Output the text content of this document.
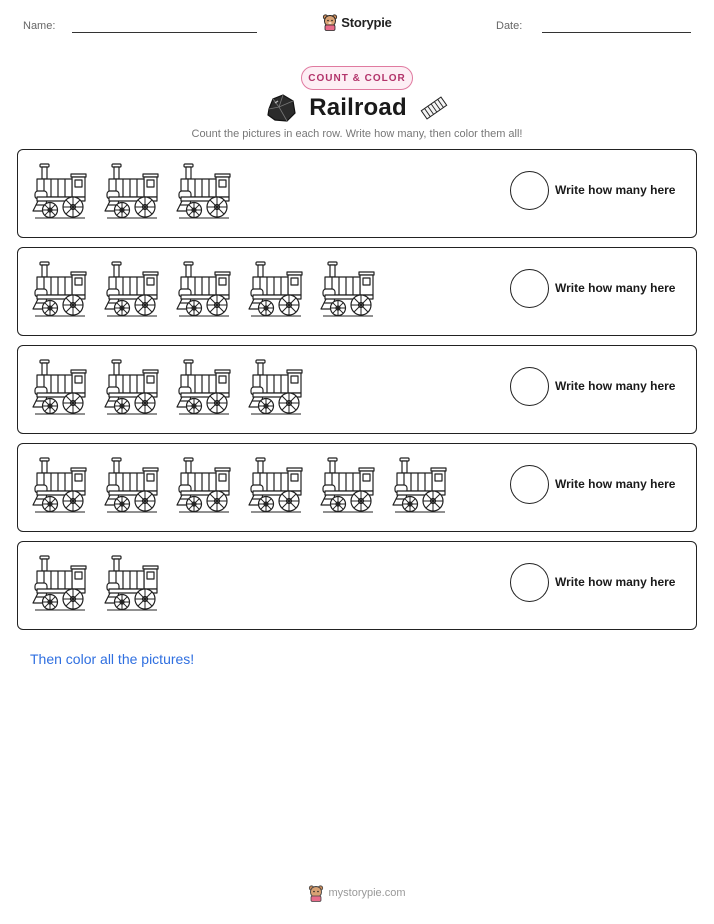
Name:	Storypie	Date:
COUNT & COLOR
Railroad
Count the pictures in each row. Write how many, then color them all!
Write how many here
Write how many here
Write how many here
Write how many here
Write how many here
Then color all the pictures!
mystorypie.com
